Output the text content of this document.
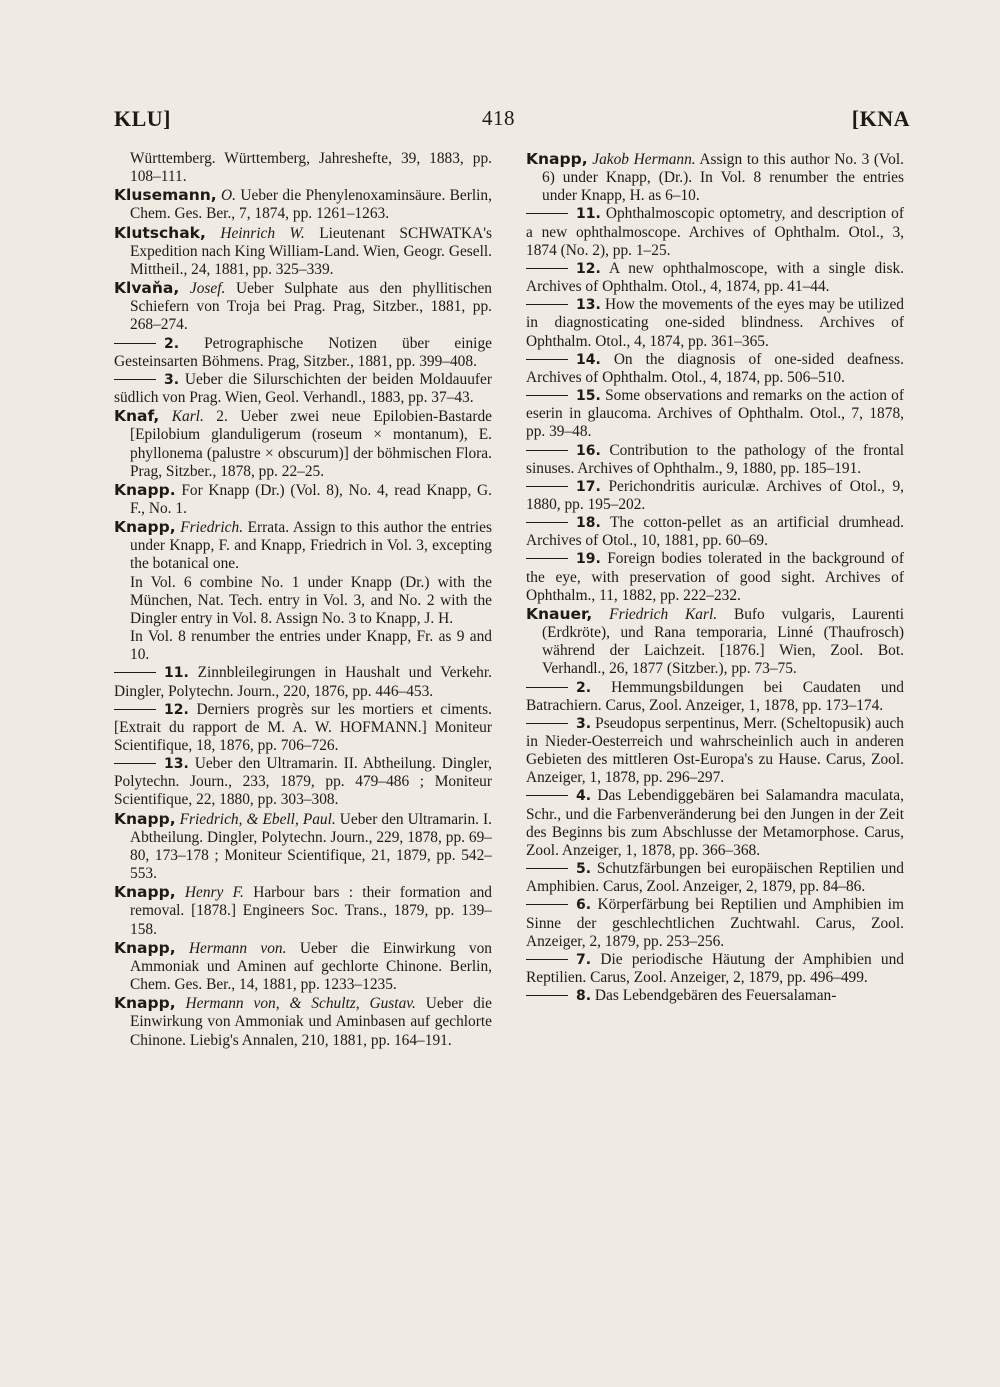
KLU]	418	[KNA
Württemberg. Württemberg, Jahreshefte, 39, 1883, pp. 108–111.
Klusemann, O. Ueber die Phenylenoxaminsäure. Berlin, Chem. Ges. Ber., 7, 1874, pp. 1261–1263.
Klutschak, Heinrich W. Lieutenant SCHWATKA's Expedition nach King William-Land. Wien, Geogr. Gesell. Mittheil., 24, 1881, pp. 325–339.
Klvaňa, Josef. Ueber Sulphate aus den phyllitischen Schiefern von Troja bei Prag. Prag, Sitzber., 1881, pp. 268–274.
2. Petrographische Notizen über einige Gesteinsarten Böhmens. Prag, Sitzber., 1881, pp. 399–408.
3. Ueber die Silurschichten der beiden Moldauufer südlich von Prag. Wien, Geol. Verhandl., 1883, pp. 37–43.
Knaf, Karl. 2. Ueber zwei neue Epilobien-Bastarde [Epilobium glanduligerum (roseum × montanum), E. phyllonema (palustre × obscurum)] der böhmischen Flora. Prag, Sitzber., 1878, pp. 22–25.
Knapp. For Knapp (Dr.) (Vol. 8), No. 4, read Knapp, G. F., No. 1.
Knapp, Friedrich. Errata. Assign to this author the entries under Knapp, F. and Knapp, Friedrich in Vol. 3, excepting the botanical one.
In Vol. 6 combine No. 1 under Knapp (Dr.) with the München, Nat. Tech. entry in Vol. 3, and No. 2 with the Dingler entry in Vol. 8. Assign No. 3 to Knapp, J. H.
In Vol. 8 renumber the entries under Knapp, Fr. as 9 and 10.
11. Zinnbleilegirungen in Haushalt und Verkehr. Dingler, Polytechn. Journ., 220, 1876, pp. 446–453.
12. Derniers progrès sur les mortiers et ciments. [Extrait du rapport de M. A. W. HOFMANN.] Moniteur Scientifique, 18, 1876, pp. 706–726.
13. Ueber den Ultramarin. II. Abtheilung. Dingler, Polytechn. Journ., 233, 1879, pp. 479–486 ; Moniteur Scientifique, 22, 1880, pp. 303–308.
Knapp, Friedrich, & Ebell, Paul. Ueber den Ultramarin. I. Abtheilung. Dingler, Polytechn. Journ., 229, 1878, pp. 69–80, 173–178 ; Moniteur Scientifique, 21, 1879, pp. 542–553.
Knapp, Henry F. Harbour bars : their formation and removal. [1878.] Engineers Soc. Trans., 1879, pp. 139–158.
Knapp, Hermann von. Ueber die Einwirkung von Ammoniak und Aminen auf gechlorte Chinone. Berlin, Chem. Ges. Ber., 14, 1881, pp. 1233–1235.
Knapp, Hermann von, & Schultz, Gustav. Ueber die Einwirkung von Ammoniak und Aminbasen auf gechlorte Chinone. Liebig's Annalen, 210, 1881, pp. 164–191.
Knapp, Jakob Hermann. Assign to this author No. 3 (Vol. 6) under Knapp, (Dr.). In Vol. 8 renumber the entries under Knapp, H. as 6–10.
11. Ophthalmoscopic optometry, and description of a new ophthalmoscope. Archives of Ophthalm. Otol., 3, 1874 (No. 2), pp. 1–25.
12. A new ophthalmoscope, with a single disk. Archives of Ophthalm. Otol., 4, 1874, pp. 41–44.
13. How the movements of the eyes may be utilized in diagnosticating one-sided blindness. Archives of Ophthalm. Otol., 4, 1874, pp. 361–365.
14. On the diagnosis of one-sided deafness. Archives of Ophthalm. Otol., 4, 1874, pp. 506–510.
15. Some observations and remarks on the action of eserin in glaucoma. Archives of Ophthalm. Otol., 7, 1878, pp. 39–48.
16. Contribution to the pathology of the frontal sinuses. Archives of Ophthalm., 9, 1880, pp. 185–191.
17. Perichondritis auriculæ. Archives of Otol., 9, 1880, pp. 195–202.
18. The cotton-pellet as an artificial drumhead. Archives of Otol., 10, 1881, pp. 60–69.
19. Foreign bodies tolerated in the background of the eye, with preservation of good sight. Archives of Ophthalm., 11, 1882, pp. 222–232.
Knauer, Friedrich Karl. Bufo vulgaris, Laurenti (Erdkröte), und Rana temporaria, Linné (Thaufrosch) während der Laichzeit. [1876.] Wien, Zool. Bot. Verhandl., 26, 1877 (Sitzber.), pp. 73–75.
2. Hemmungsbildungen bei Caudaten und Batrachiern. Carus, Zool. Anzeiger, 1, 1878, pp. 173–174.
3. Pseudopus serpentinus, Merr. (Scheltopusik) auch in Nieder-Oesterreich und wahrscheinlich auch in anderen Gebieten des mittleren Ost-Europa's zu Hause. Carus, Zool. Anzeiger, 1, 1878, pp. 296–297.
4. Das Lebendiggebären bei Salamandra maculata, Schr., und die Farbenveränderung bei den Jungen in der Zeit des Beginns bis zum Abschlusse der Metamorphose. Carus, Zool. Anzeiger, 1, 1878, pp. 366–368.
5. Schutzfärbungen bei europäischen Reptilien und Amphibien. Carus, Zool. Anzeiger, 2, 1879, pp. 84–86.
6. Körperfärbung bei Reptilien und Amphibien im Sinne der geschlechtlichen Zuchtwahl. Carus, Zool. Anzeiger, 2, 1879, pp. 253–256.
7. Die periodische Häutung der Amphibien und Reptilien. Carus, Zool. Anzeiger, 2, 1879, pp. 496–499.
8. Das Lebendgebären des Feuersalaman-
